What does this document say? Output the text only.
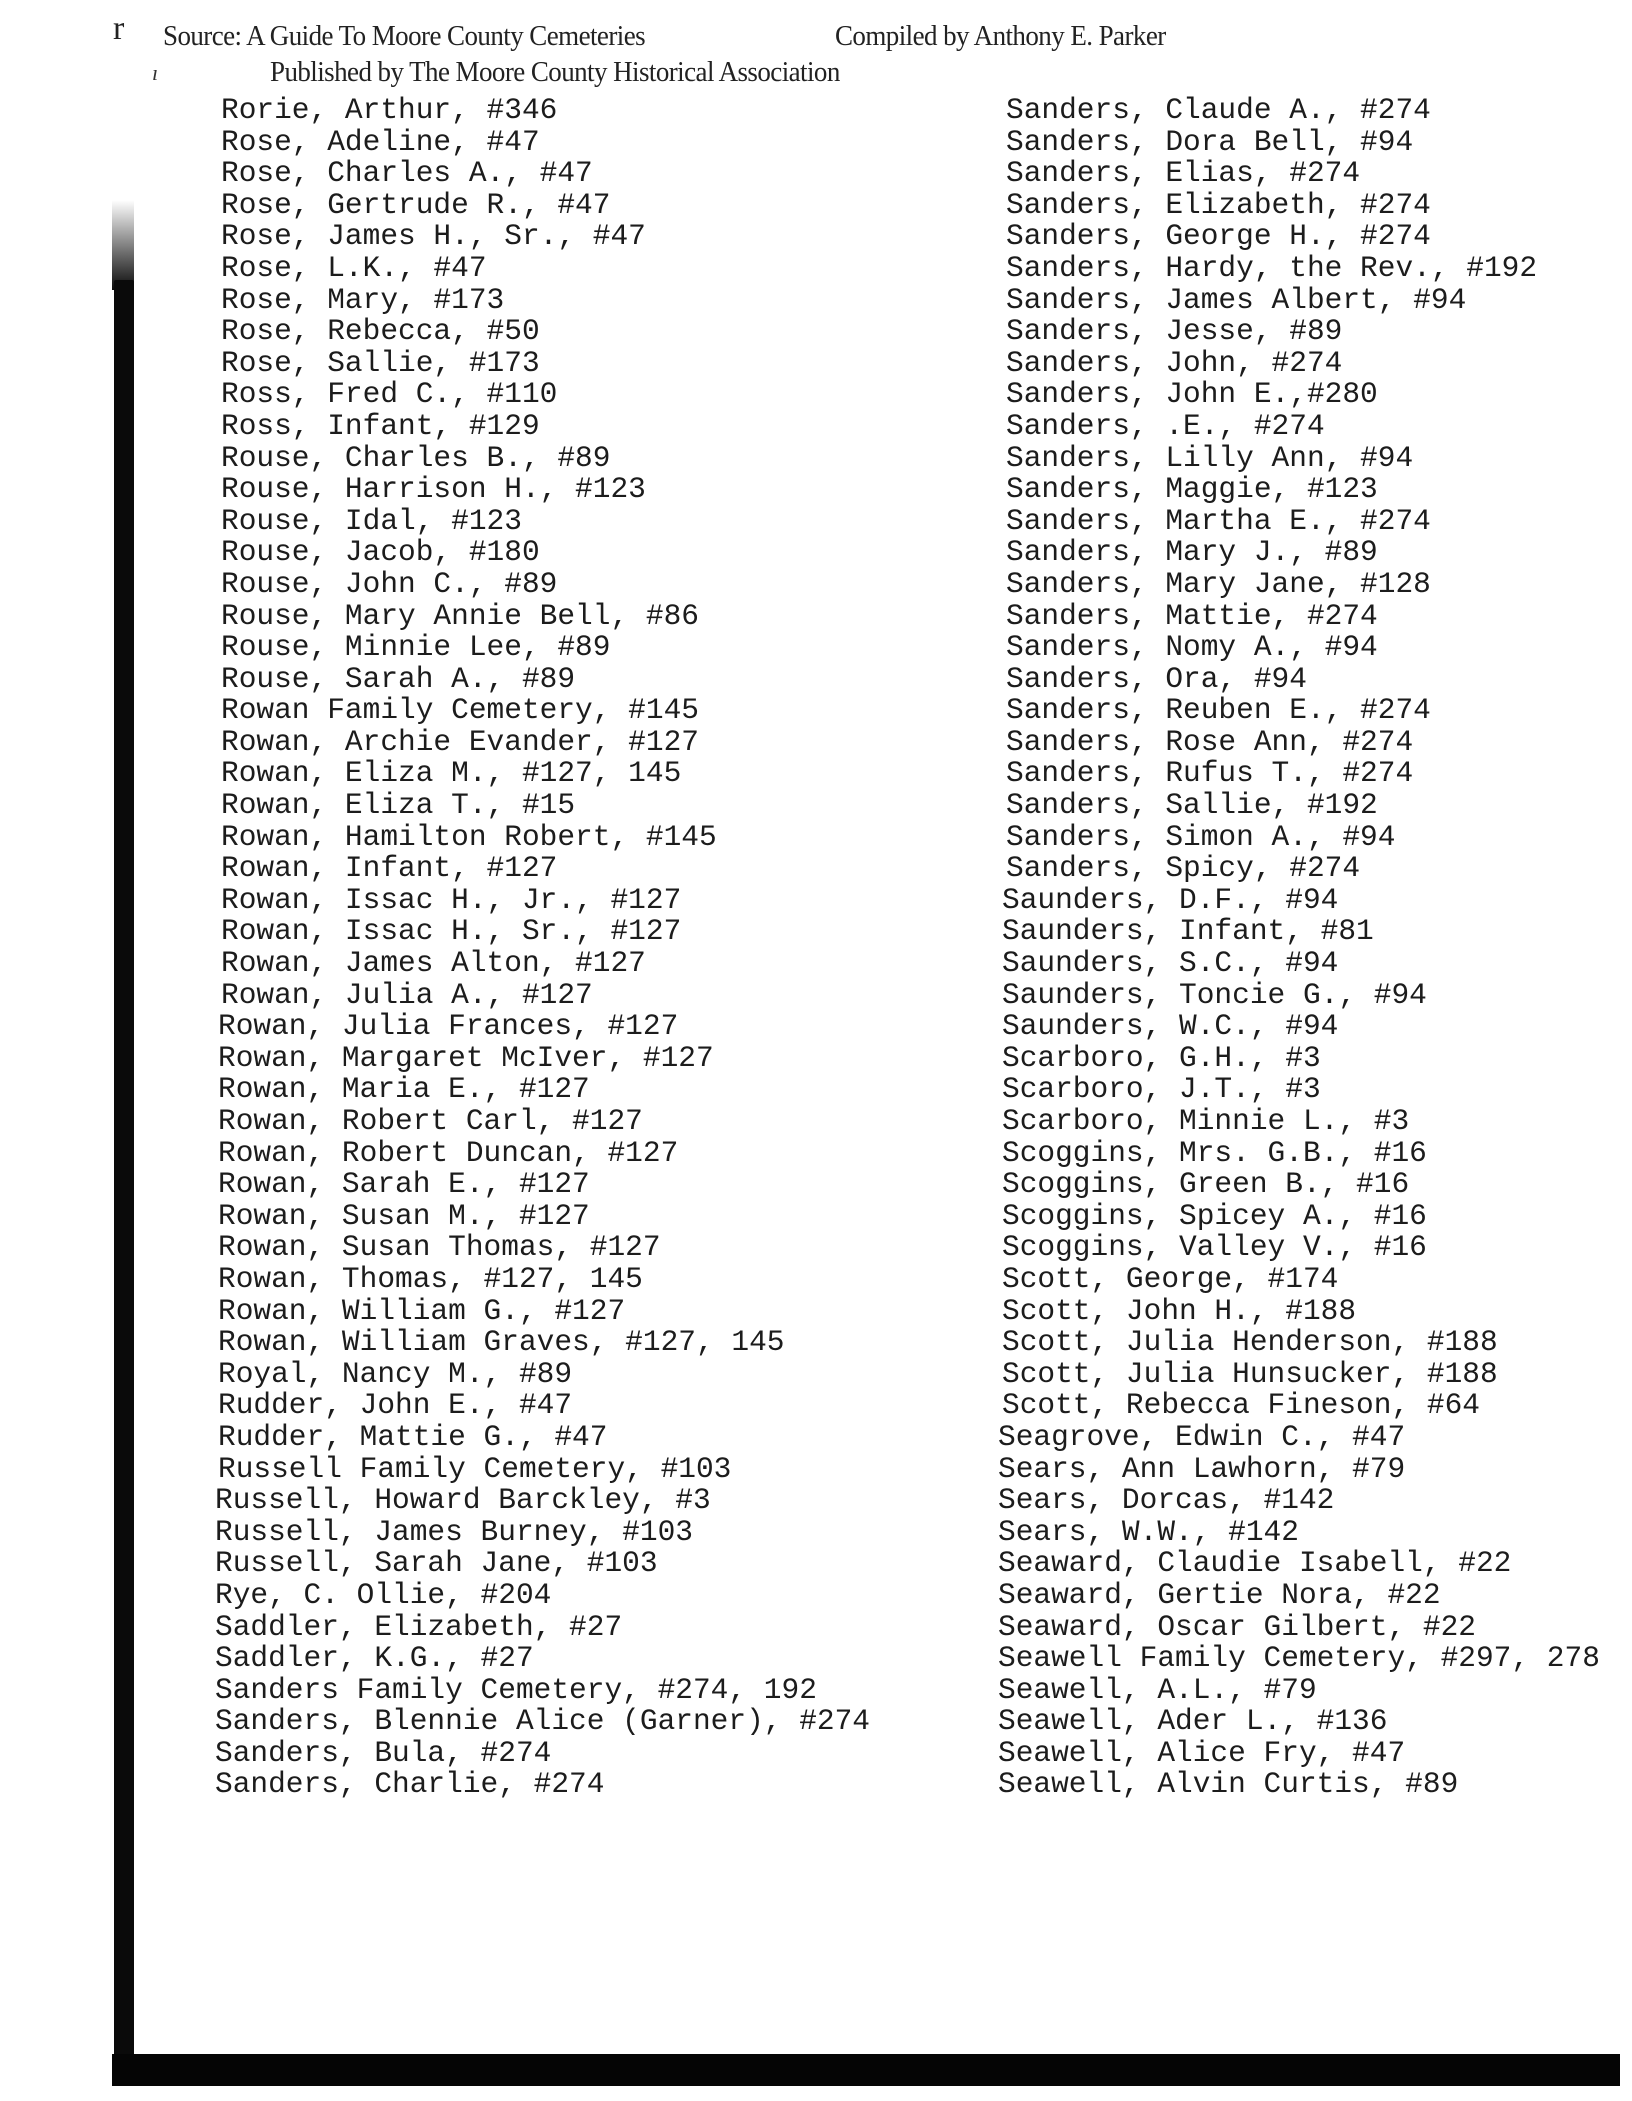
r
ı
Source: A Guide To Moore County Cemeteries	Compiled by Anthony E. Parker
Published by The Moore County Historical Association
Rorie, Arthur, #346
Rose, Adeline, #47
Rose, Charles A., #47
Rose, Gertrude R., #47
Rose, James H., Sr., #47
Rose, L.K., #47
Rose, Mary, #173
Rose, Rebecca, #50
Rose, Sallie, #173
Ross, Fred C., #110
Ross, Infant, #129
Rouse, Charles B., #89
Rouse, Harrison H., #123
Rouse, Idal, #123
Rouse, Jacob, #180
Rouse, John C., #89
Rouse, Mary Annie Bell, #86
Rouse, Minnie Lee, #89
Rouse, Sarah A., #89
Rowan Family Cemetery, #145
Rowan, Archie Evander, #127
Rowan, Eliza M., #127, 145
Rowan, Eliza T., #15
Rowan, Hamilton Robert, #145
Rowan, Infant, #127
Rowan, Issac H., Jr., #127
Rowan, Issac H., Sr., #127
Rowan, James Alton, #127
Rowan, Julia A., #127
Rowan, Julia Frances, #127
Rowan, Margaret McIver, #127
Rowan, Maria E., #127
Rowan, Robert Carl, #127
Rowan, Robert Duncan, #127
Rowan, Sarah E., #127
Rowan, Susan M., #127
Rowan, Susan Thomas, #127
Rowan, Thomas, #127, 145
Rowan, William G., #127
Rowan, William Graves, #127, 145
Royal, Nancy M., #89
Rudder, John E., #47
Rudder, Mattie G., #47
Russell Family Cemetery, #103
Russell, Howard Barckley, #3
Russell, James Burney, #103
Russell, Sarah Jane, #103
Rye, C. Ollie, #204
Saddler, Elizabeth, #27
Saddler, K.G., #27
Sanders Family Cemetery, #274, 192
Sanders, Blennie Alice (Garner), #274
Sanders, Bula, #274
Sanders, Charlie, #274
Sanders, Claude A., #274
Sanders, Dora Bell, #94
Sanders, Elias, #274
Sanders, Elizabeth, #274
Sanders, George H., #274
Sanders, Hardy, the Rev., #192
Sanders, James Albert, #94
Sanders, Jesse, #89
Sanders, John, #274
Sanders, John E.,#280
Sanders, .E., #274
Sanders, Lilly Ann, #94
Sanders, Maggie, #123
Sanders, Martha E., #274
Sanders, Mary J., #89
Sanders, Mary Jane, #128
Sanders, Mattie, #274
Sanders, Nomy A., #94
Sanders, Ora, #94
Sanders, Reuben E., #274
Sanders, Rose Ann, #274
Sanders, Rufus T., #274
Sanders, Sallie, #192
Sanders, Simon A., #94
Sanders, Spicy, #274
Saunders, D.F., #94
Saunders, Infant, #81
Saunders, S.C., #94
Saunders, Toncie G., #94
Saunders, W.C., #94
Scarboro, G.H., #3
Scarboro, J.T., #3
Scarboro, Minnie L., #3
Scoggins, Mrs. G.B., #16
Scoggins, Green B., #16
Scoggins, Spicey A., #16
Scoggins, Valley V., #16
Scott, George, #174
Scott, John H., #188
Scott, Julia Henderson, #188
Scott, Julia Hunsucker, #188
Scott, Rebecca Fineson, #64
Seagrove, Edwin C., #47
Sears, Ann Lawhorn, #79
Sears, Dorcas, #142
Sears, W.W., #142
Seaward, Claudie Isabell, #22
Seaward, Gertie Nora, #22
Seaward, Oscar Gilbert, #22
Seawell Family Cemetery, #297, 278
Seawell, A.L., #79
Seawell, Ader L., #136
Seawell, Alice Fry, #47
Seawell, Alvin Curtis, #89
